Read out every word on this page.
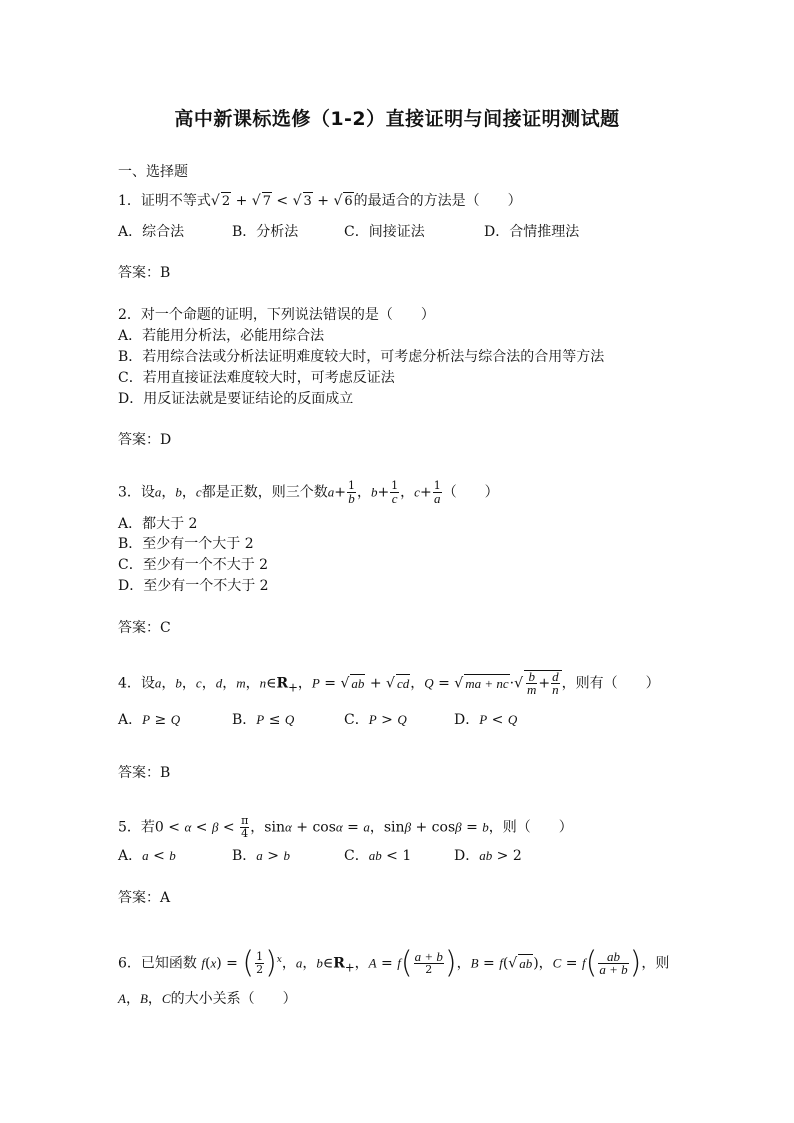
高中新课标选修（1-2）直接证明与间接证明测试题
一、选择题
1．证明不等式√ 2 + √ 7 < √ 3 + √ 6的最适合的方法是（　　）
A．综合法	B．分析法	C．间接证法	D．合情推理法
答案：B
2．对一个命题的证明，下列说法错误的是（　　）
A．若能用分析法，必能用综合法
B．若用综合法或分析法证明难度较大时，可考虑分析法与综合法的合用等方法
C．若用直接证法难度较大时，可考虑反证法
D．用反证法就是要证结论的反面成立
答案：D
3．设a，b，c都是正数，则三个数$a+ \frac{1}{b}$ ，$b+ \frac{1}{c}$ ，$c+ \frac{1}{a}$ （　　）
A．都大于 2
B．至少有一个大于 2
C．至少有一个不大于 2
D．至少有一个不大于 2
答案：C
4．设a，b，c，d，m，$n\in R_+$，P = √ ab + √ cd，Q = √ ma + $nc\cdot√ \frac{b}{m} + \frac{d}{n}$ ，则有（　　）
A．P ≥ Q	B．P ≤ Q	C．P > Q	D．P < Q
答案：B
5．若$0 < \alpha < \beta < \frac{\pi}{4}$ ，sinα + cosα = a，sinβ + cosβ = b，则（　　）
A．a < b	B．a > b	C．ab < 1	D．ab > 2
答案：A
6．已知函数 f(x) = ( $\frac{1}{2} )^x$，a，$b\in R_+$，$A = f( \frac{a + b}{2}$ )，B = f(√ ab)，$C = f( \frac{ab}{a + b}$ )，则
A，B，C的大小关系（　　）
